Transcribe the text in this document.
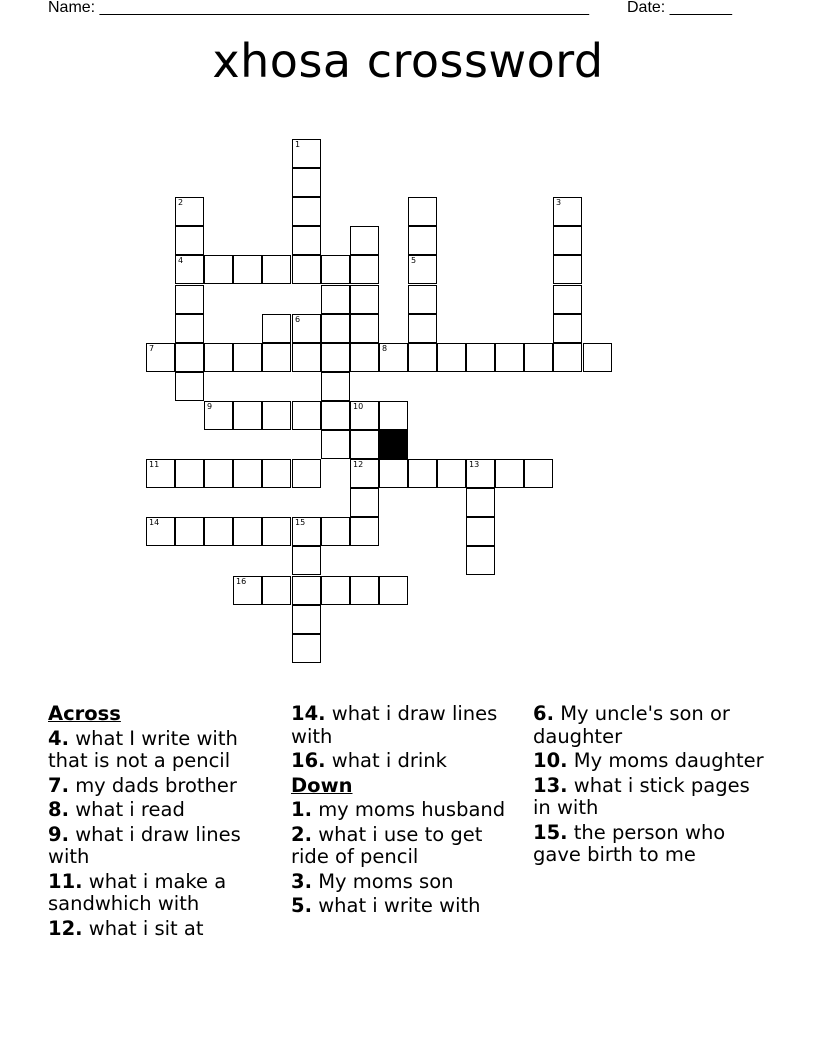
Name: _______________________________________________________ Date: _______
xhosa crossword
1
2
4	5
7	8
3
9	10
11	13
14	15
16
12
6
Across
4. what I write with that is not a pencil
7. my dads brother
8. what i read
9. what i draw lines with
11. what i make a sandwhich with
12. what i sit at
14. what i draw lines with
16. what i drink
Down
1. my moms husband
2. what i use to get ride of pencil
3. My moms son
5. what i write with
6. My uncle's son or daughter
10. My moms daughter
13. what i stick pages in with
15. the person who gave birth to me
